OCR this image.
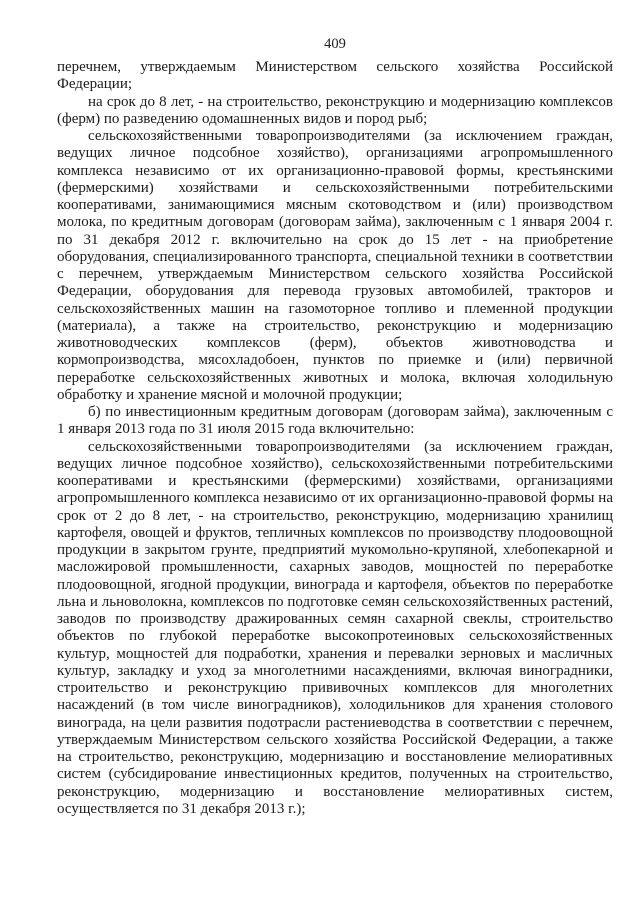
409

перечнем, утверждаемым Министерством сельского хозяйства Российской Федерации;

на срок до 8 лет, - на строительство, реконструкцию и модернизацию комплексов (ферм) по разведению одомашненных видов и пород рыб;

сельскохозяйственными товаропроизводителями (за исключением граждан, ведущих личное подсобное хозяйство), организациями агропромышленного комплекса независимо от их организационно-правовой формы, крестьянскими (фермерскими) хозяйствами и сельскохозяйственными потребительскими кооперативами, занимающимися мясным скотоводством и (или) производством молока, по кредитным договорам (договорам займа), заключенным с 1 января 2004 г. по 31 декабря 2012 г. включительно на срок до 15 лет - на приобретение оборудования, специализированного транспорта, специальной техники в соответствии с перечнем, утверждаемым Министерством сельского хозяйства Российской Федерации, оборудования для перевода грузовых автомобилей, тракторов и сельскохозяйственных машин на газомоторное топливо и племенной продукции (материала), а также на строительство, реконструкцию и модернизацию животноводческих комплексов (ферм), объектов животноводства и кормопроизводства, мясохладобоен, пунктов по приемке и (или) первичной переработке сельскохозяйственных животных и молока, включая холодильную обработку и хранение мясной и молочной продукции;

б) по инвестиционным кредитным договорам (договорам займа), заключенным с 1 января 2013 года по 31 июля 2015 года включительно:

сельскохозяйственными товаропроизводителями (за исключением граждан, ведущих личное подсобное хозяйство), сельскохозяйственными потребительскими кооперативами и крестьянскими (фермерскими) хозяйствами, организациями агропромышленного комплекса независимо от их организационно-правовой формы на срок от 2 до 8 лет, - на строительство, реконструкцию, модернизацию хранилищ картофеля, овощей и фруктов, тепличных комплексов по производству плодоовощной продукции в закрытом грунте, предприятий мукомольно-крупяной, хлебопекарной и масложировой промышленности, сахарных заводов, мощностей по переработке плодоовощной, ягодной продукции, винограда и картофеля, объектов по переработке льна и льноволокна, комплексов по подготовке семян сельскохозяйственных растений, заводов по производству дражированных семян сахарной свеклы, строительство объектов по глубокой переработке высокопротеиновых сельскохозяйственных культур, мощностей для подработки, хранения и перевалки зерновых и масличных культур, закладку и уход за многолетними насаждениями, включая виноградники, строительство и реконструкцию прививочных комплексов для многолетних насаждений (в том числе виноградников), холодильников для хранения столового винограда, на цели развития подотрасли растениеводства в соответствии с перечнем, утверждаемым Министерством сельского хозяйства Российской Федерации, а также на строительство, реконструкцию, модернизацию и восстановление мелиоративных систем (субсидирование инвестиционных кредитов, полученных на строительство, реконструкцию, модернизацию и восстановление мелиоративных систем, осуществляется по 31 декабря 2013 г.);
